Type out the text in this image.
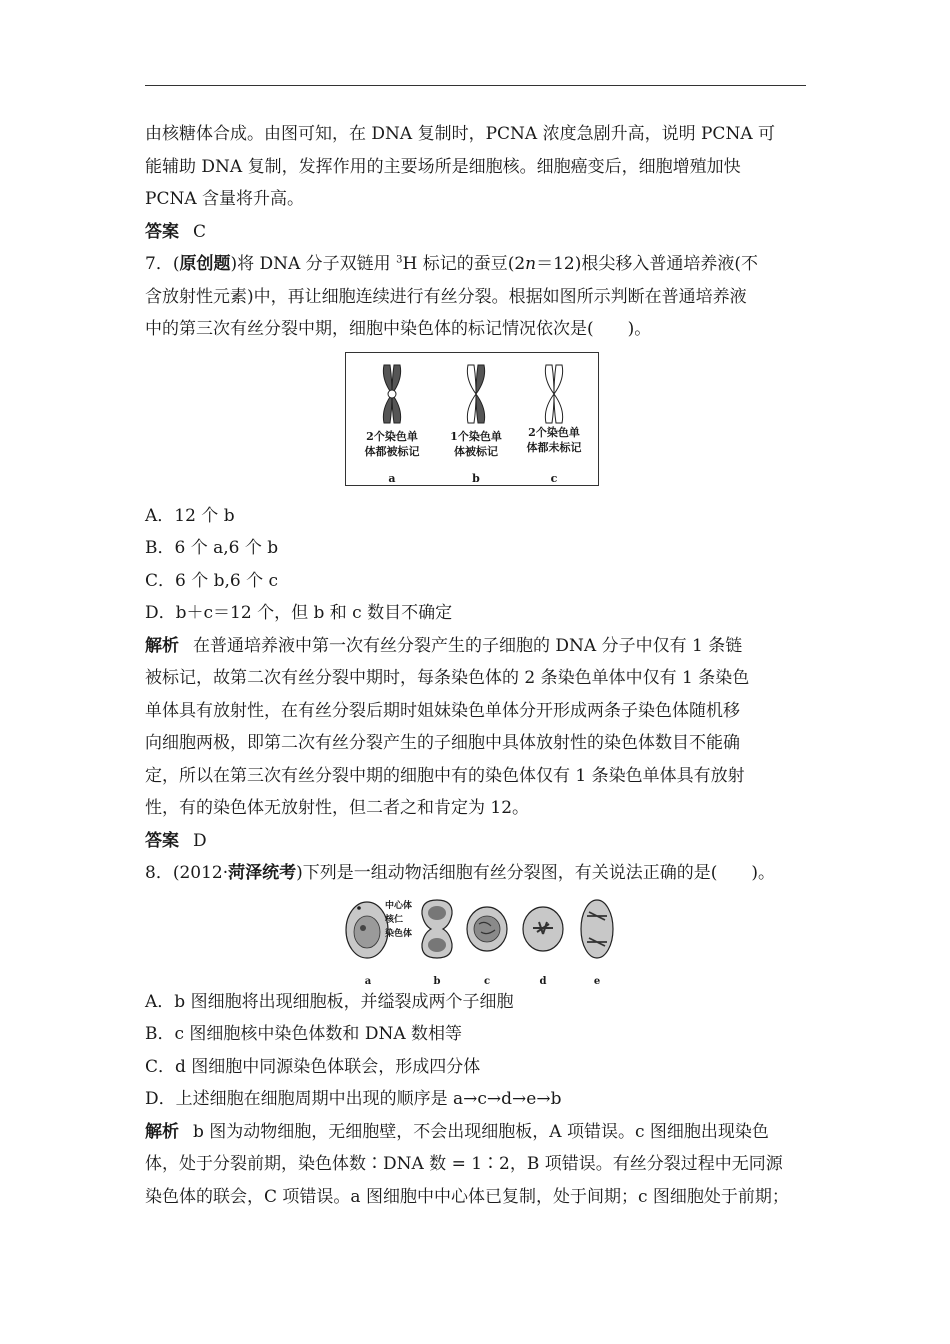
由核糖体合成。由图可知，在 DNA 复制时，PCNA 浓度急剧升高，说明 PCNA 可
能辅助 DNA 复制，发挥作用的主要场所是细胞核。细胞癌变后，细胞增殖加快
PCNA 含量将升高。
答案 C
7．(原创题)将 DNA 分子双链用 $^3$H 标记的蚕豆(2n＝12)根尖移入普通培养液(不
含放射性元素)中，再让细胞连续进行有丝分裂。根据如图所示判断在普通培养液
中的第三次有丝分裂中期，细胞中染色体的标记情况依次是(　　)。
2个染色单
体都被标记
1个染色单
体被标记
2个染色单
体都未标记
a	b	c
A．12 个 b
B．6 个 a,6 个 b
C．6 个 b,6 个 c
D．b＋c＝12 个，但 b 和 c 数目不确定
解析 在普通培养液中第一次有丝分裂产生的子细胞的 DNA 分子中仅有 1 条链
被标记，故第二次有丝分裂中期时，每条染色体的 2 条染色单体中仅有 1 条染色
单体具有放射性，在有丝分裂后期时姐妹染色单体分开形成两条子染色体随机移
向细胞两极，即第二次有丝分裂产生的子细胞中具体放射性的染色体数目不能确
定，所以在第三次有丝分裂中期的细胞中有的染色体仅有 1 条染色单体具有放射
性，有的染色体无放射性，但二者之和肯定为 12。
答案 D
8．(2012·菏泽统考)下列是一组动物活细胞有丝分裂图，有关说法正确的是(　　)。
中心体
核仁
染色体
a	b	c	d	e
A．b 图细胞将出现细胞板，并缢裂成两个子细胞
B．c 图细胞核中染色体数和 DNA 数相等
C．d 图细胞中同源染色体联会，形成四分体
D．上述细胞在细胞周期中出现的顺序是 a→c→d→e→b
解析 b 图为动物细胞，无细胞壁，不会出现细胞板，A 项错误。c 图细胞出现染色
体，处于分裂前期，染色体数∶DNA 数 = 1∶2，B 项错误。有丝分裂过程中无同源
染色体的联会，C 项错误。a 图细胞中中心体已复制，处于间期；c 图细胞处于前期；
